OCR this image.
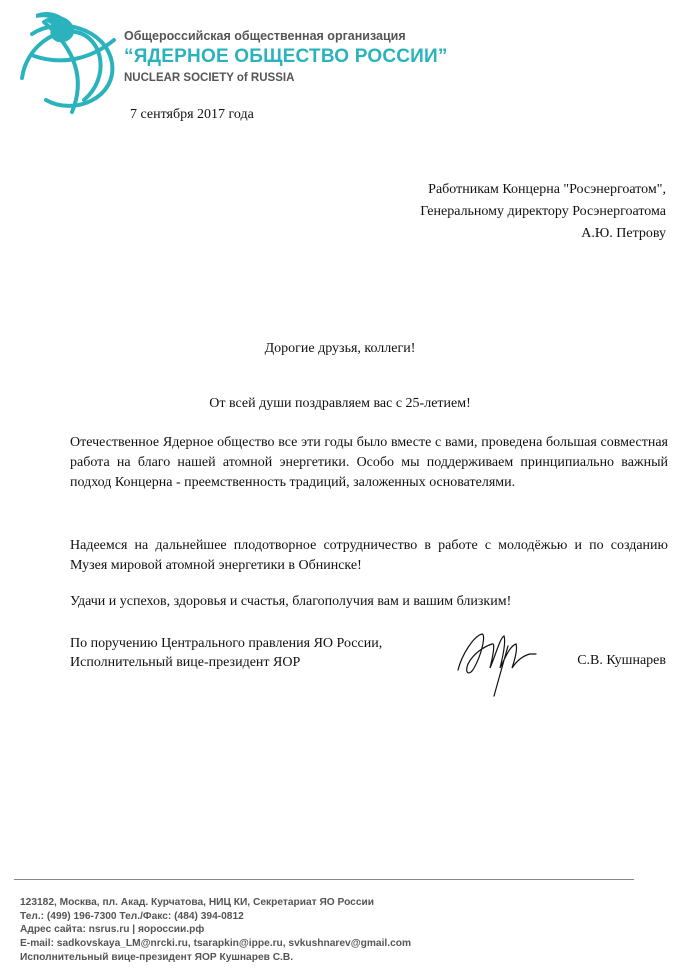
Общероссийская общественная организация
“ЯДЕРНОЕ ОБЩЕСТВО РОССИИ”
NUCLEAR SOCIETY of RUSSIA
7 сентября 2017 года
Работникам Концерна "Росэнергоатом",
Генеральному директору Росэнергоатома
А.Ю. Петрову
Дорогие друзья, коллеги!
От всей души поздравляем вас с 25-летием!
Отечественное Ядерное общество все эти годы было вместе с вами, проведена большая совместная работа на благо нашей атомной энергетики. Особо мы поддерживаем принципиально важный подход Концерна - преемственность традиций, заложенных основателями.
Надеемся на дальнейшее плодотворное сотрудничество в работе с молодёжью и по созданию Музея мировой атомной энергетики в Обнинске!
Удачи и успехов, здоровья и счастья, благополучия вам и вашим близким!
По поручению Центрального правления ЯО России,
Исполнительный вице-президент ЯОР	С.В. Кушнарев
123182, Москва, пл. Акад. Курчатова, НИЦ КИ, Секретариат ЯО России
Тел.: (499) 196-7300 Тел./Факс: (484) 394-0812
Адрес сайта: nsrus.ru | яороссии.рф
E-mail: sadkovskaya_LM@nrcki.ru, tsarapkin@ippe.ru, svkushnarev@gmail.com
Исполнительный вице-президент ЯОР Кушнарев С.В.
